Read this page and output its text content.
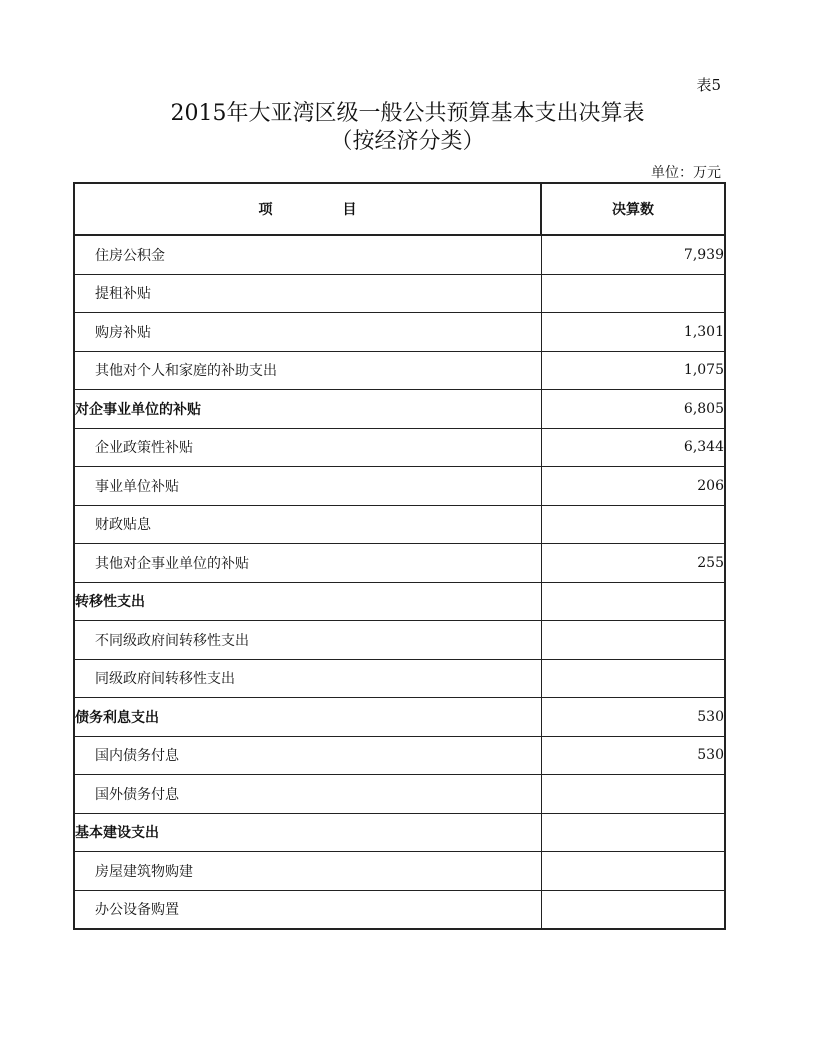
表5
2015年大亚湾区级一般公共预算基本支出决算表
（按经济分类）
单位：万元
项　　　　　目	决算数
住房公积金	7,939
提租补贴	
购房补贴	1,301
其他对个人和家庭的补助支出	1,075
对企事业单位的补贴	6,805
企业政策性补贴	6,344
事业单位补贴	206
财政贴息	
其他对企事业单位的补贴	255
转移性支出	
不同级政府间转移性支出	
同级政府间转移性支出	
债务利息支出	530
国内债务付息	530
国外债务付息	
基本建设支出	
房屋建筑物购建	
办公设备购置	
